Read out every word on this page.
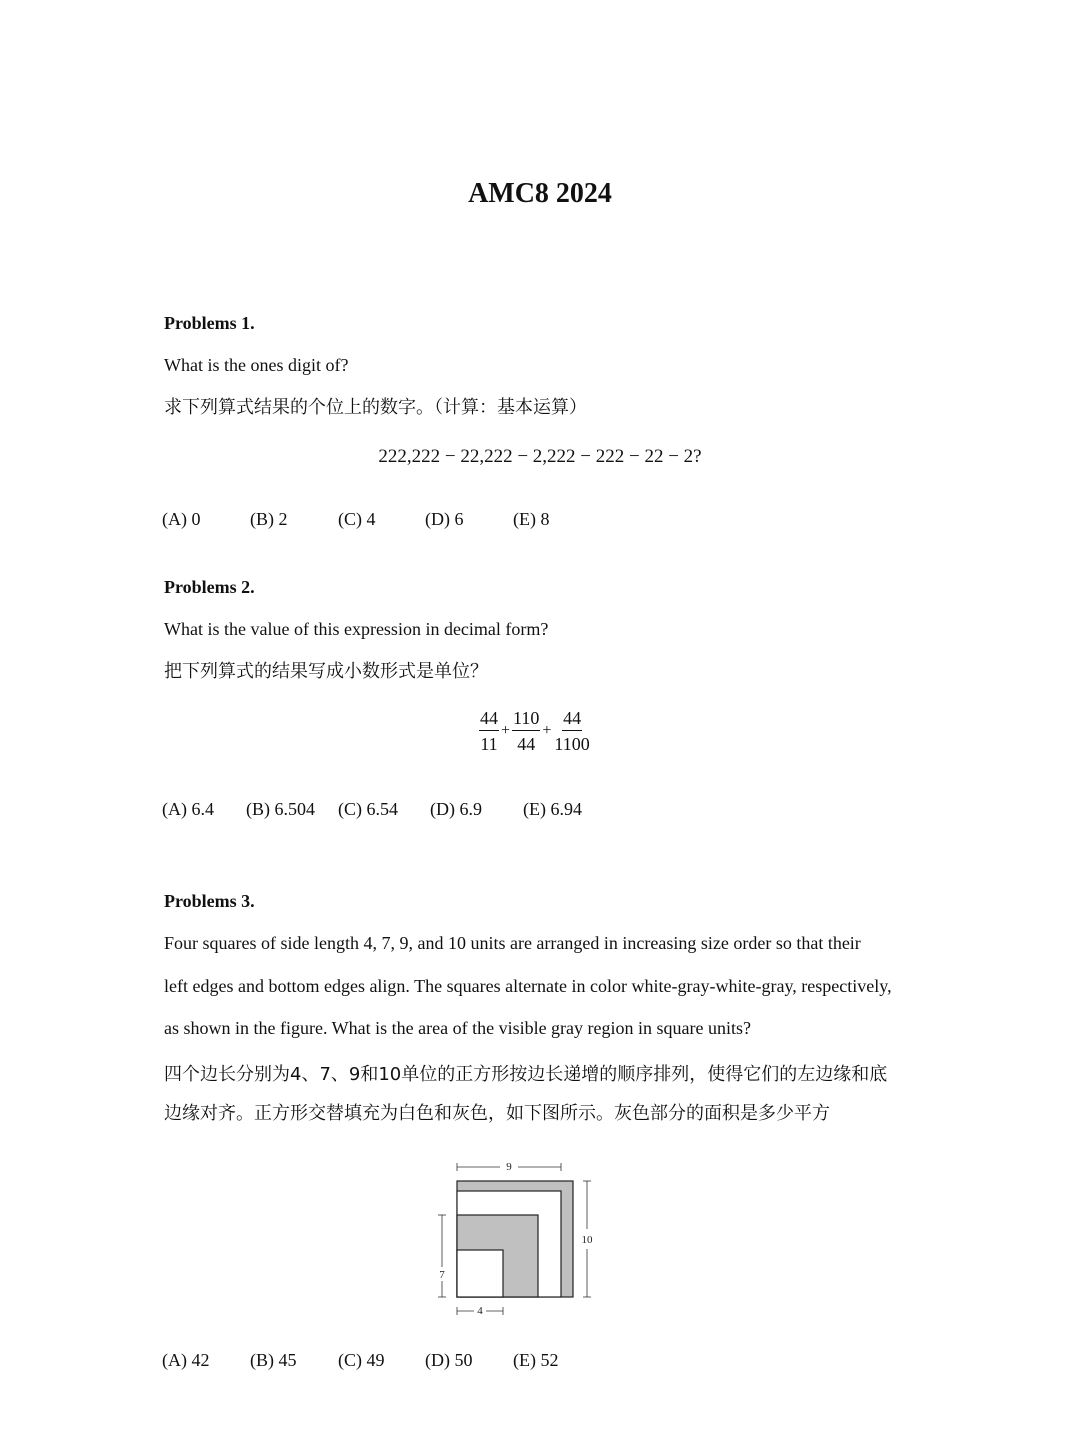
AMC8 2024
Problems 1.
What is the ones digit of?
求下列算式结果的个位上的数字。（计算：基本运算）
222,222 − 22,222 − 2,222 − 222 − 22 − 2?
(A) 0	(B) 2	(C) 4	(D) 6	(E) 8
Problems 2.
What is the value of this expression in decimal form?
把下列算式的结果写成小数形式是单位？
$\frac{44}{11} + \frac{110}{44} + \frac{44}{1100}$
(A) 6.4 (B) 6.504 (C) 6.54 (D) 6.9 (E) 6.94
Problems 3.
Four squares of side length 4, 7, 9, and 10 units are arranged in increasing size order so that their
left edges and bottom edges align. The squares alternate in color white-gray-white-gray, respectively,
as shown in the figure. What is the area of the visible gray region in square units?
四个边长分别为4、7、9和10单位的正方形按边长递增的顺序排列，使得它们的左边缘和底
边缘对齐。正方形交替填充为白色和灰色，如下图所示。灰色部分的面积是多少平方
9
10
7
4
(A) 42 (B) 45 (C) 49 (D) 50 (E) 52
